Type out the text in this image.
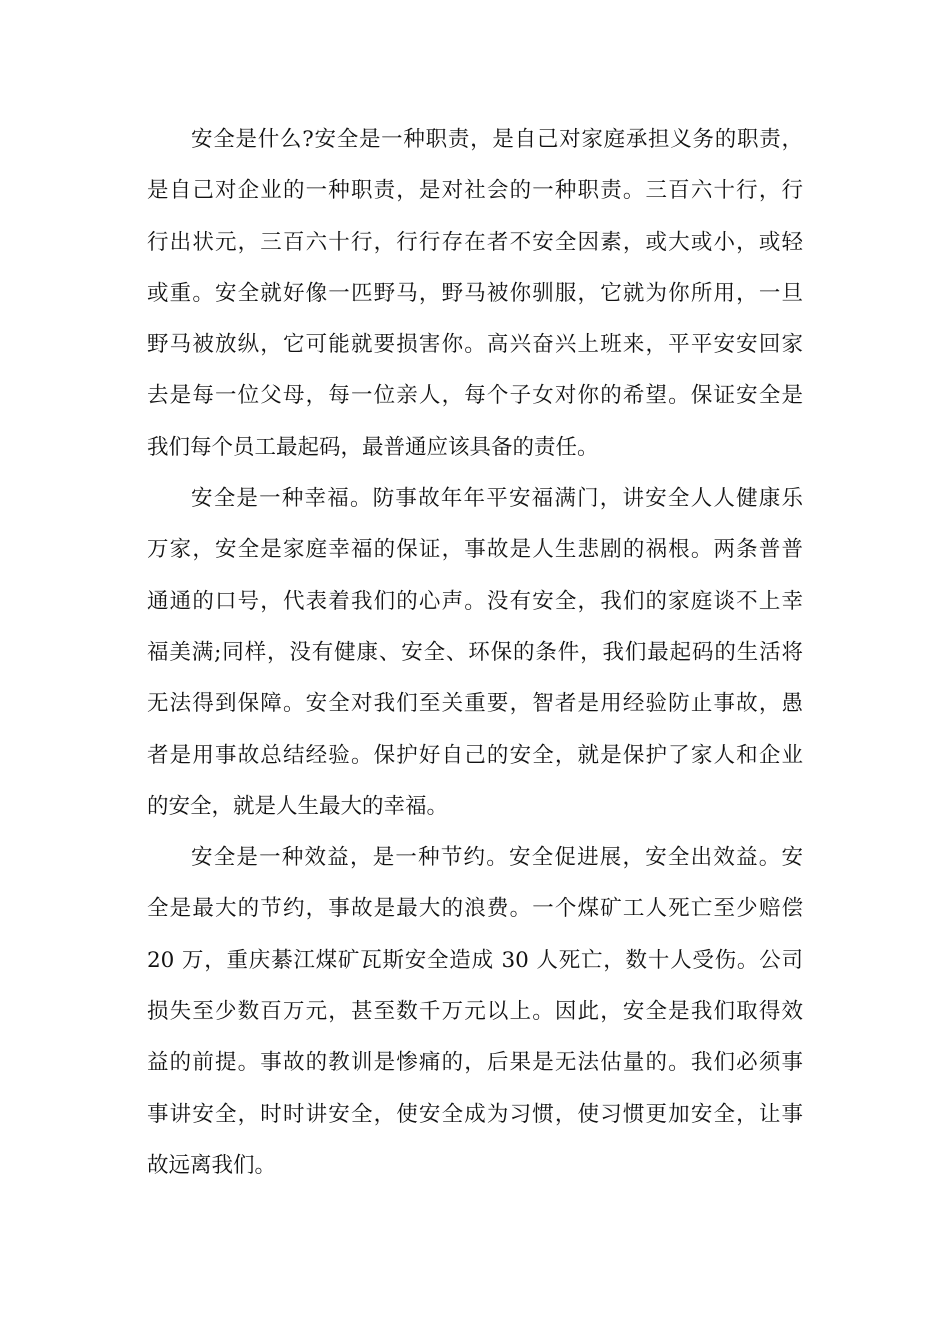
安全是什么?安全是一种职责，是自己对家庭承担义务的职责，
是自己对企业的一种职责，是对社会的一种职责。三百六十行，行
行出状元，三百六十行，行行存在者不安全因素，或大或小，或轻
或重。安全就好像一匹野马，野马被你驯服，它就为你所用，一旦
野马被放纵，它可能就要损害你。高兴奋兴上班来，平平安安回家
去是每一位父母，每一位亲人，每个子女对你的希望。保证安全是
我们每个员工最起码，最普通应该具备的责任。
安全是一种幸福。防事故年年平安福满门，讲安全人人健康乐
万家，安全是家庭幸福的保证，事故是人生悲剧的祸根。两条普普
通通的口号，代表着我们的心声。没有安全，我们的家庭谈不上幸
福美满;同样，没有健康、安全、环保的条件，我们最起码的生活将
无法得到保障。安全对我们至关重要，智者是用经验防止事故，愚
者是用事故总结经验。保护好自己的安全，就是保护了家人和企业
的安全，就是人生最大的幸福。
安全是一种效益，是一种节约。安全促进展，安全出效益。安
全是最大的节约，事故是最大的浪费。一个煤矿工人死亡至少赔偿
20 万，重庆綦江煤矿瓦斯安全造成 30 人死亡，数十人受伤。公司
损失至少数百万元，甚至数千万元以上。因此，安全是我们取得效
益的前提。事故的教训是惨痛的，后果是无法估量的。我们必须事
事讲安全，时时讲安全，使安全成为习惯，使习惯更加安全，让事
故远离我们。
